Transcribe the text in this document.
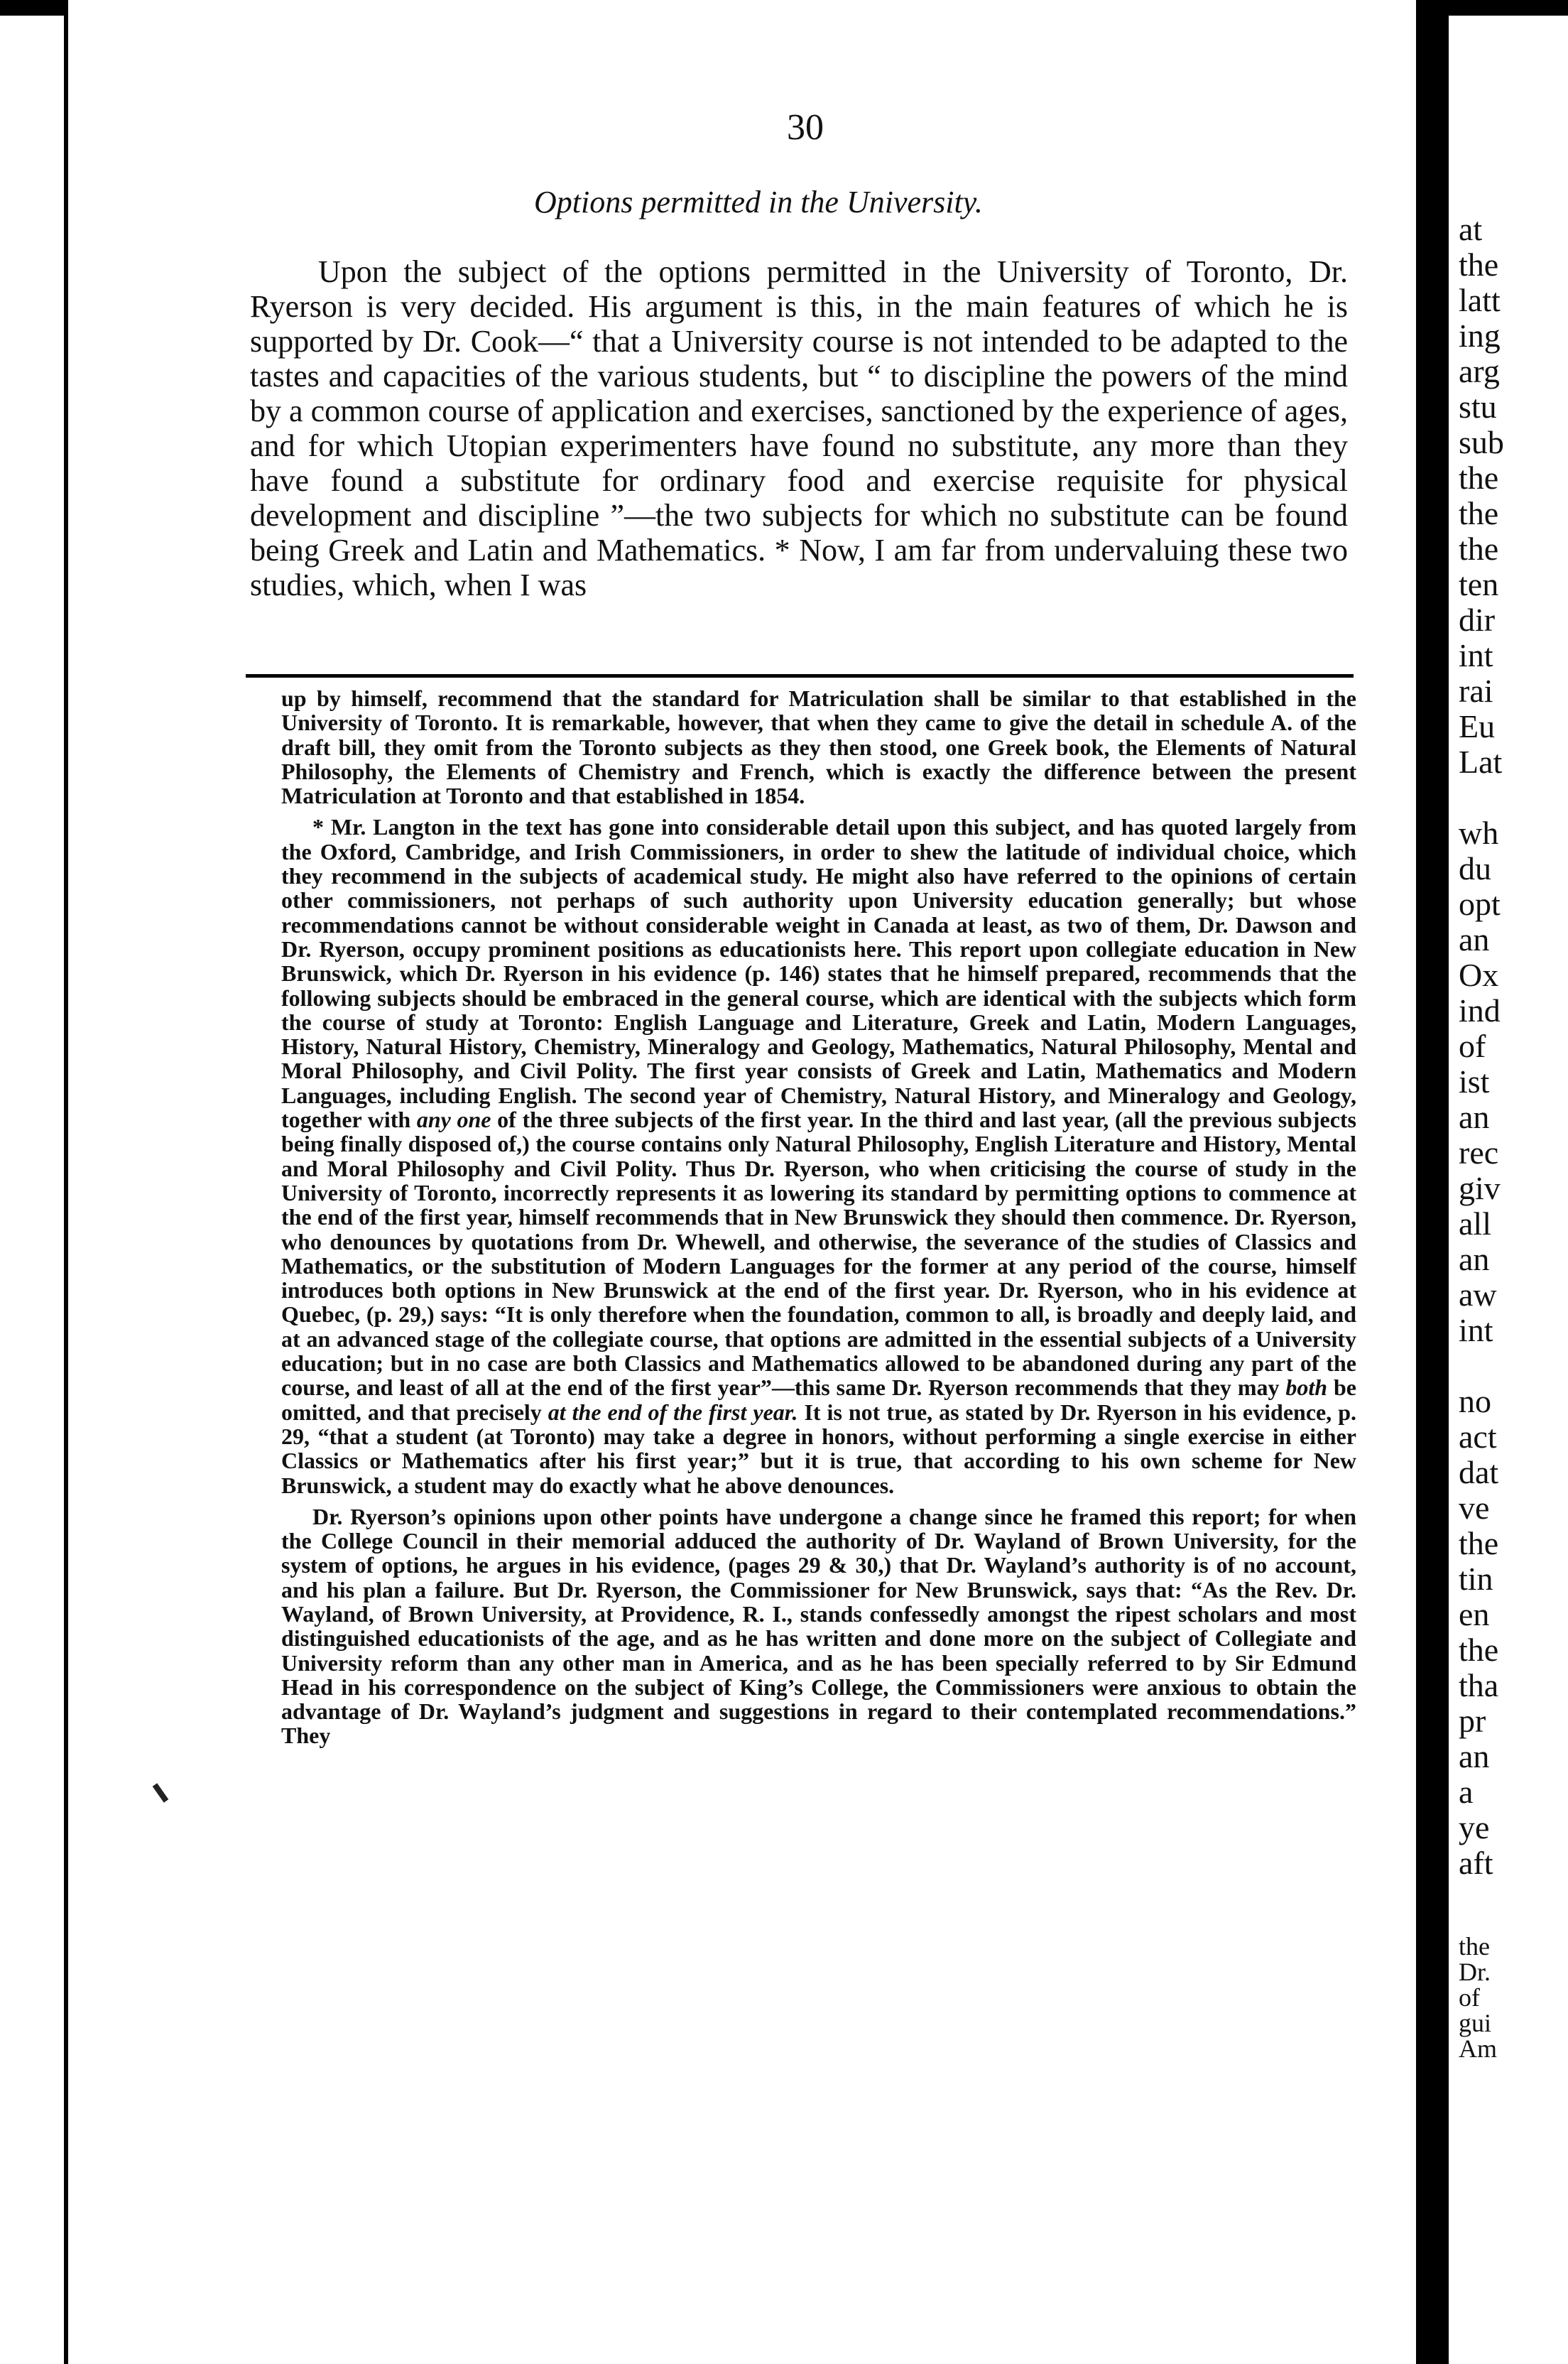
30
Options permitted in the University.

Upon the subject of the options permitted in the University of Toronto, Dr. Ryerson is very decided. His argument is this, in the main features of which he is supported by Dr. Cook—“ that a University course is not intended to be adapted to the tastes and capacities of the various students, but “ to discipline the powers of the mind by a common course of application and exercises, sanctioned by the experience of ages, and for which Utopian experimenters have found no substitute, any more than they have found a substitute for ordinary food and exercise requisite for physical development and discipline ”—the two subjects for which no substitute can be found being Greek and Latin and Mathematics. * Now, I am far from undervaluing these two studies, which, when I was

up by himself, recommend that the standard for Matriculation shall be similar to that established in the University of Toronto. It is remarkable, however, that when they came to give the detail in schedule A. of the draft bill, they omit from the Toronto subjects as they then stood, one Greek book, the Elements of Natural Philosophy, the Elements of Chemistry and French, which is exactly the difference between the present Matriculation at Toronto and that established in 1854.

* Mr. Langton in the text has gone into considerable detail upon this subject, and has quoted largely from the Oxford, Cambridge, and Irish Commissioners, in order to shew the latitude of individual choice, which they recommend in the subjects of academical study. He might also have referred to the opinions of certain other commissioners, not perhaps of such authority upon University education generally; but whose recommendations cannot be without considerable weight in Canada at least, as two of them, Dr. Dawson and Dr. Ryerson, occupy prominent positions as educationists here. This report upon collegiate education in New Brunswick, which Dr. Ryerson in his evidence (p. 146) states that he himself prepared, recommends that the following subjects should be embraced in the general course, which are identical with the subjects which form the course of study at Toronto: English Language and Literature, Greek and Latin, Modern Languages, History, Natural History, Chemistry, Mineralogy and Geology, Mathematics, Natural Philosophy, Mental and Moral Philosophy, and Civil Polity. The first year consists of Greek and Latin, Mathematics and Modern Languages, including English. The second year of Chemistry, Natural History, and Mineralogy and Geology, together with any one of the three subjects of the first year. In the third and last year, (all the previous subjects being finally disposed of,) the course contains only Natural Philosophy, English Literature and History, Mental and Moral Philosophy and Civil Polity. Thus Dr. Ryerson, who when criticising the course of study in the University of Toronto, incorrectly represents it as lowering its standard by permitting options to commence at the end of the first year, himself recommends that in New Brunswick they should then commence. Dr. Ryerson, who denounces by quotations from Dr. Whewell, and otherwise, the severance of the studies of Classics and Mathematics, or the substitution of Modern Languages for the former at any period of the course, himself introduces both options in New Brunswick at the end of the first year. Dr. Ryerson, who in his evidence at Quebec, (p. 29,) says: “It is only therefore when the foundation, common to all, is broadly and deeply laid, and at an advanced stage of the collegiate course, that options are admitted in the essential subjects of a University education; but in no case are both Classics and Mathematics allowed to be abandoned during any part of the course, and least of all at the end of the first year”—this same Dr. Ryerson recommends that they may both be omitted, and that precisely at the end of the first year. It is not true, as stated by Dr. Ryerson in his evidence, p. 29, “that a student (at Toronto) may take a degree in honors, without performing a single exercise in either Classics or Mathematics after his first year;” but it is true, that according to his own scheme for New Brunswick, a student may do exactly what he above denounces.

Dr. Ryerson’s opinions upon other points have undergone a change since he framed this report; for when the College Council in their memorial adduced the authority of Dr. Wayland of Brown University, for the system of options, he argues in his evidence, (pages 29 & 30,) that Dr. Wayland’s authority is of no account, and his plan a failure. But Dr. Ryerson, the Commissioner for New Brunswick, says that: “As the Rev. Dr. Wayland, of Brown University, at Providence, R. I., stands confessedly amongst the ripest scholars and most distinguished educationists of the age, and as he has written and done more on the subject of Collegiate and University reform than any other man in America, and as he has been specially referred to by Sir Edmund Head in his correspondence on the subject of King’s College, the Commissioners were anxious to obtain the advantage of Dr. Wayland’s judgment and suggestions in regard to their contemplated recommendations.” They

at
the
latt
ing
arg
stu
sub
the
the
the
ten
dir
int
rai
Eu
Lat
wh
du
opt
an
Ox
ind
of
ist
an
rec
giv
all
an
aw
int
no
act
dat
ve
the
tin
en
the
tha
pr
an
a
ye
aft
the
Dr.
of
gui
Am
